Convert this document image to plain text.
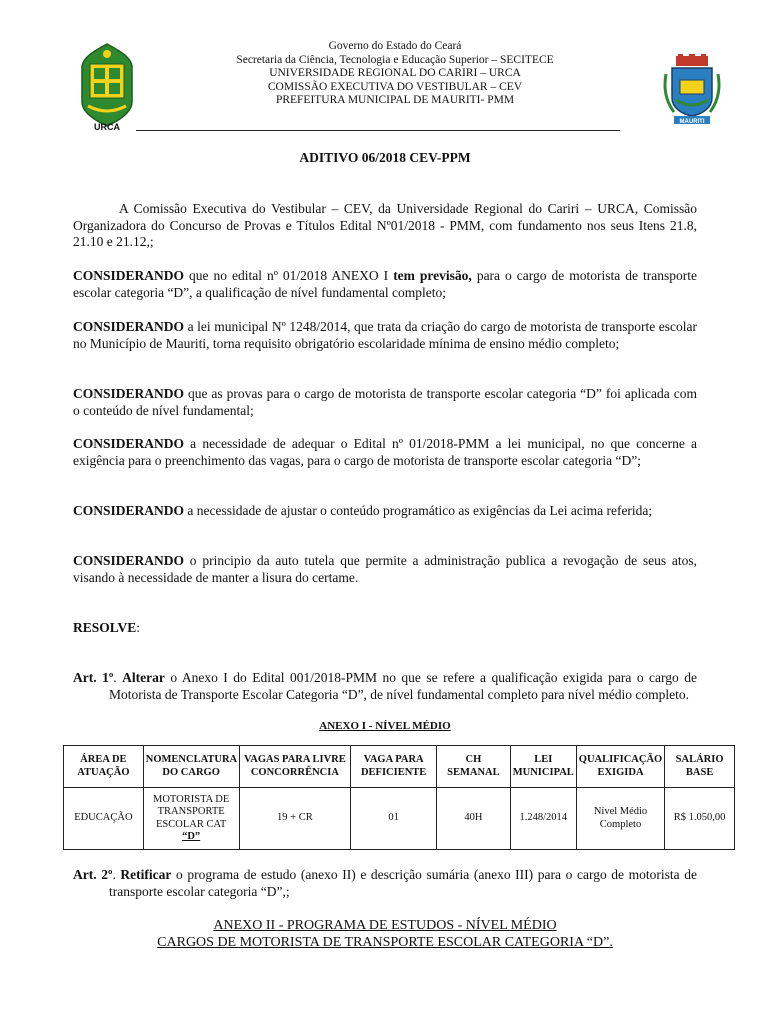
URCA
Governo do Estado do Ceará
Secretaria da Ciência, Tecnologia e Educação Superior – SECITECE
UNIVERSIDADE REGIONAL DO CARIRI – URCA
COMISSÃO EXECUTIVA DO VESTIBULAR – CEV
PREFEITURA MUNICIPAL DE MAURITI- PMM
MAURITI
ADITIVO 06/2018 CEV-PPM

A Comissão Executiva do Vestibular – CEV, da Universidade Regional do Cariri – URCA, Comissão Organizadora do Concurso de Provas e Títulos Edital Nº01/2018 - PMM, com fundamento nos seus Itens 21.8, 21.10 e 21.12,;

CONSIDERANDO que no edital nº 01/2018 ANEXO I tem previsão, para o cargo de motorista de transporte escolar categoria “D”, a qualificação de nível fundamental completo;

CONSIDERANDO a lei municipal Nº 1248/2014, que trata da criação do cargo de motorista de transporte escolar no Município de Mauriti, torna requisito obrigatório escolaridade mínima de ensino médio completo;

CONSIDERANDO que as provas para o cargo de motorista de transporte escolar categoria “D” foi aplicada com o conteúdo de nível fundamental;

CONSIDERANDO a necessidade de adequar o Edital nº 01/2018-PMM a lei municipal, no que concerne a exigência para o preenchimento das vagas, para o cargo de motorista de transporte escolar categoria “D”;

CONSIDERANDO a necessidade de ajustar o conteúdo programático as exigências da Lei acima referida;

CONSIDERANDO o principio da auto tutela que permite a administração publica a revogação de seus atos, visando à necessidade de manter a lisura do certame.

RESOLVE:

Art. 1º. Alterar o Anexo I do Edital 001/2018-PMM no que se refere a qualificação exigida para o cargo de Motorista de Transporte Escolar Categoria “D”, de nível fundamental completo para nível médio completo.

ANEXO I - NÍVEL MÉDIO
ÁREA DE ATUAÇÃO	NOMENCLATURA DO CARGO	VAGAS PARA LIVRE CONCORRÊNCIA	VAGA PARA DEFICIENTE	CH SEMANAL	LEI MUNICIPAL	QUALIFICAÇÃO EXIGIDA	SALÁRIO BASE
EDUCAÇÃO	MOTORISTA DE TRANSPORTE ESCOLAR CAT “D”	19 + CR	01	40H	1.248/2014	Nível Médio Completo	R$ 1.050,00

Art. 2º. Retificar o programa de estudo (anexo II) e descrição sumária (anexo III) para o cargo de motorista de transporte escolar categoria “D”,;

ANEXO II - PROGRAMA DE ESTUDOS - NÍVEL MÉDIO
CARGOS DE MOTORISTA DE TRANSPORTE ESCOLAR CATEGORIA “D”.
